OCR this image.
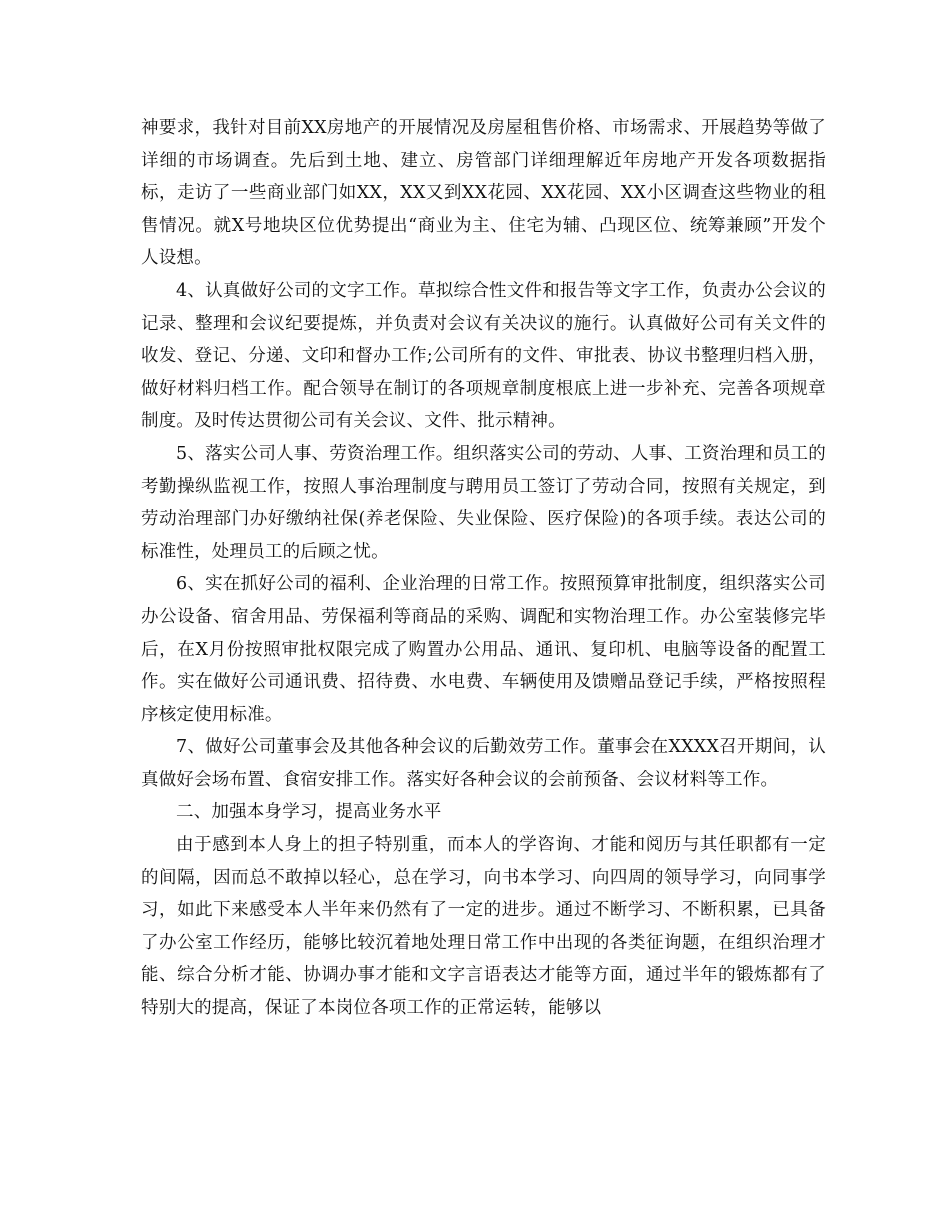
神要求，我针对目前XX房地产的开展情况及房屋租售价格、市场需求、开展趋势等做了详细的市场调查。先后到土地、建立、房管部门详细理解近年房地产开发各项数据指标，走访了一些商业部门如XX，XX又到XX花园、XX花园、XX小区调查这些物业的租售情况。就X号地块区位优势提出“商业为主、住宅为辅、凸现区位、统筹兼顾”开发个人设想。

4、认真做好公司的文字工作。草拟综合性文件和报告等文字工作，负责办公会议的记录、整理和会议纪要提炼，并负责对会议有关决议的施行。认真做好公司有关文件的收发、登记、分递、文印和督办工作;公司所有的文件、审批表、协议书整理归档入册，做好材料归档工作。配合领导在制订的各项规章制度根底上进一步补充、完善各项规章制度。及时传达贯彻公司有关会议、文件、批示精神。

5、落实公司人事、劳资治理工作。组织落实公司的劳动、人事、工资治理和员工的考勤操纵监视工作，按照人事治理制度与聘用员工签订了劳动合同，按照有关规定，到劳动治理部门办好缴纳社保(养老保险、失业保险、医疗保险)的各项手续。表达公司的标准性，处理员工的后顾之忧。

6、实在抓好公司的福利、企业治理的日常工作。按照预算审批制度，组织落实公司办公设备、宿舍用品、劳保福利等商品的采购、调配和实物治理工作。办公室装修完毕后，在X月份按照审批权限完成了购置办公用品、通讯、复印机、电脑等设备的配置工作。实在做好公司通讯费、招待费、水电费、车辆使用及馈赠品登记手续，严格按照程序核定使用标准。

7、做好公司董事会及其他各种会议的后勤效劳工作。董事会在XXXX召开期间，认真做好会场布置、食宿安排工作。落实好各种会议的会前预备、会议材料等工作。

二、加强本身学习，提高业务水平

由于感到本人身上的担子特别重，而本人的学咨询、才能和阅历与其任职都有一定的间隔，因而总不敢掉以轻心，总在学习，向书本学习、向四周的领导学习，向同事学习，如此下来感受本人半年来仍然有了一定的进步。通过不断学习、不断积累，已具备了办公室工作经历，能够比较沉着地处理日常工作中出现的各类征询题，在组织治理才能、综合分析才能、协调办事才能和文字言语表达才能等方面，通过半年的锻炼都有了特别大的提高，保证了本岗位各项工作的正常运转，能够以
